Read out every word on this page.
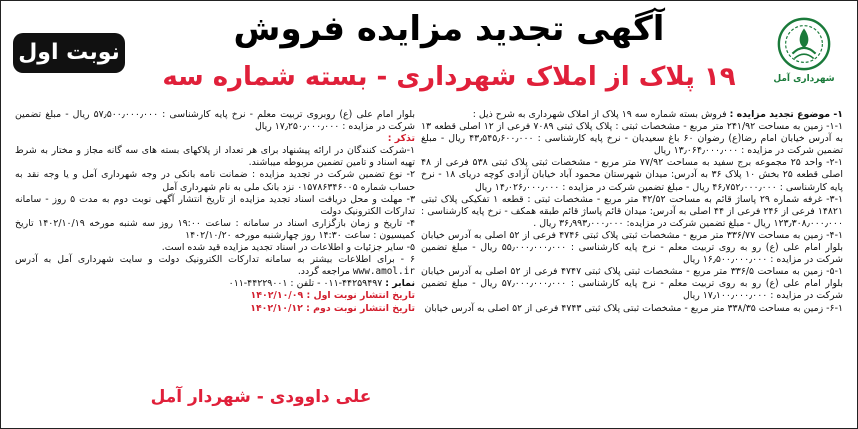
نوبت اول
آگهی تجدید مزایده فروش
۱۹ پلاک از املاک شهرداری - بسته شماره سه	شهرداری آمل

۱- موضوع تجدید مزایده : فروش بسته شماره سه ۱۹ پلاک از املاک شهرداری به شرح ذیل :

۱-۱- زمین به مساحت ۲۴۱/۹۲ متر مربع - مشخصات ثبتی : پلاک پلاک ثبتی ۷۰۸۹ فرعی از ۱۲ اصلی قطعه ۱۳ به آدرس خیابان امام رضا(ع) رضوان ۶۰ باغ سعیدیان - نرخ پایه کارشناسی : ۴۳٫۵۴۵٫۶۰۰٫۰۰۰ ریال - مبلغ تضمین شرکت در مزایده : ۱۳٫۰۶۴٫۰۰۰٫۰۰۰ ریال

۲-۱- واحد ۲۵ مجموعه برج سفید به مساحت ۷۷/۹۲ متر مربع - مشخصات ثبتی پلاک ثبتی ۵۳۸ فرعی از ۴۸ اصلی قطعه ۲۵ بخش ۱۰ پلاک ۳۶ به آدرس: میدان شهرستان محمود آباد خیابان آزادی کوچه دریای ۱۸ - نرخ پایه کارشناسی : ۴۶٫۷۵۲٫۰۰۰٫۰۰۰ ریال - مبلغ تضمین شرکت در مزایده : ۱۴٫۰۲۶٫۰۰۰٫۰۰۰ ریال

۳-۱- غرفه شماره ۲۹ پاساژ قائم به مساحت ۴۲/۵۲ متر مربع - مشخصات ثبتی : قطعه ۱ تفکیکی پلاک ثبتی ۱۴۸۲۱ فرعی از ۲۴۶ فرعی از ۴۴ اصلی به آدرس: میدان قائم پاساژ قائم طبقه همکف - نرخ پایه کارشناسی : ۱۲۳٫۳۰۸٫۰۰۰٫۰۰۰ ریال - مبلغ تضمین شرکت در مزایده: ۳۶٫۹۹۳٫۰۰۰٫۰۰۰ ریال .

۴-۱- زمین به مساحت ۳۳۶/۷۷ متر مربع - مشخصات ثبتی پلاک ثبتی ۴۷۴۶ فرعی از ۵۲ اصلی به آدرس خیابان بلوار امام علی (ع) رو به روی تربیت معلم - نرخ پایه کارشناسی : ۵۵٫۰۰۰٫۰۰۰٫۰۰۰ ریال - مبلغ تضمین شرکت در مزایده : ۱۶٫۵۰۰٫۰۰۰٫۰۰۰ ریال

۵-۱- زمین به مساحت ۳۳۶/۵ متر مربع - مشخصات ثبتی پلاک ثبتی ۴۷۴۷ فرعی از ۵۲ اصلی به آدرس خیابان بلوار امام علی (ع) رو به روی تربیت معلم - نرخ پایه کارشناسی : ۵۷٫۰۰۰٫۰۰۰٫۰۰۰ ریال - مبلغ تضمین شرکت در مزایده : ۱۷٫۱۰۰٫۰۰۰٫۰۰۰ ریال

۶-۱- زمین به مساحت ۳۳۸/۳۵ متر مربع - مشخصات ثبتی پلاک ثبتی ۴۷۴۳ فرعی از ۵۲ اصلی به آدرس خیابان

بلوار امام علی (ع) روبروی تربیت معلم - نرخ پایه کارشناسی : ۵۷٫۵۰۰٫۰۰۰٫۰۰۰ ریال - مبلغ تضمین شرکت در مزایده : ۱۷٫۲۵۰٫۰۰۰٫۰۰۰ ریال

تذکر :

۱-شرکت کنندگان در ارائه پیشنهاد برای هر تعداد از پلاکهای بسته های سه گانه مجاز و مختار به شرط تهیه اسناد و تامین تضمین مربوطه میباشند.

۲- نوع تضمین شرکت در تجدید مزایده : ضمانت نامه بانکی در وجه شهرداری آمل و یا وجه نقد به حساب شماره ۰۱۵۷۸۶۳۴۶۰۰۵ نزد بانک ملی به نام شهرداری آمل

۳- مهلت و محل دریافت اسناد تجدید مزایده از تاریخ انتشار آگهی نوبت دوم به مدت ۵ روز - سامانه تدارکات الکترونیک دولت

۴- تاریخ و زمان بازگزاری اسناد در سامانه : ساعت ۱۹:۰۰ روز سه شنبه مورخه ۱۴۰۲/۱۰/۱۹ تاریخ کمیسیون : ساعت ۱۴:۳۰ روز چهارشنبه مورخه ۱۴۰۲/۱۰/۲۰

۵- سایر جزئیات و اطلاعات در اسناد تجدید مزایده قید شده است.

۶ - برای اطلاعات بیشتر به سامانه تدارکات الکترونیک دولت و سایت شهرداری آمل به آدرس www.amol.ir مراجعه گردد.

نمابر : ۴۴۲۵۹۴۹۷-۰۱۱ - تلفن : ۴۴۲۲۹۰۰۱-۰۱۱

تاریخ انتشار نوبت اول : ۱۴۰۲/۱۰/۰۹

تاریخ انتشار نوبت دوم : ۱۴۰۲/۱۰/۱۲

علی داوودی - شهردار آمل
